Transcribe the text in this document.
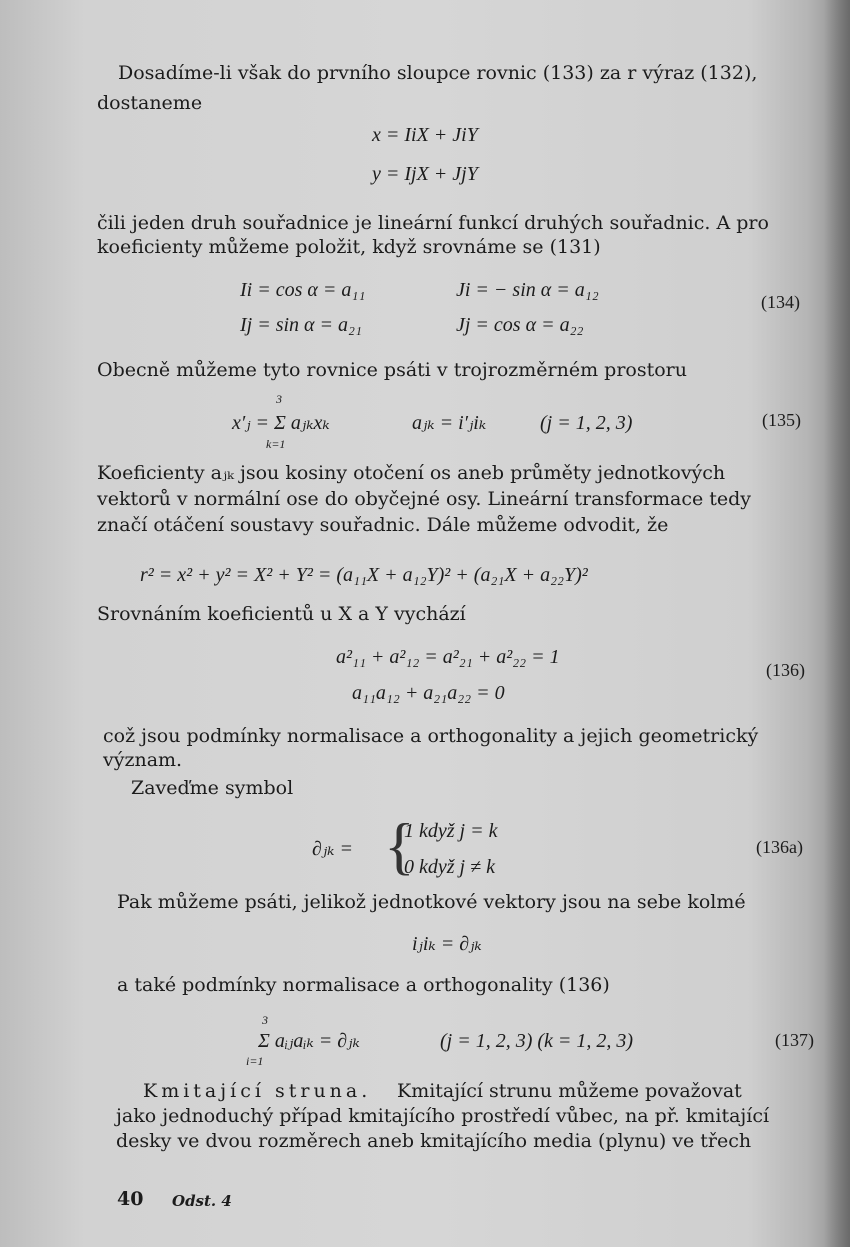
Dosadíme-li však do prvního sloupce rovnic (133) za r výraz (132),
dostaneme
x = IiX + JiY
y = IjX + JjY
čili jeden druh souřadnice je lineární funkcí druhých souřadnic. A pro
koeficienty můžeme položit, když srovnáme se (131)
Ii = cos α = a₁₁	Ji = − sin α = a₁₂
Ij = sin α = a₂₁	Jj = cos α = a₂₂
(134)
Obecně můžeme tyto rovnice psáti v trojrozměrném prostoru
3
x′ⱼ = Σ aⱼₖxₖ
k=1
aⱼₖ = i′ⱼiₖ	(j = 1, 2, 3)	(135)
Koeficienty aⱼₖ jsou kosiny otočení os aneb průměty jednotkových
vektorů v normální ose do obyčejné osy. Lineární transformace tedy
značí otáčení soustavy souřadnic. Dále můžeme odvodit, že
r² = x² + y² = X² + Y² = (a₁₁X + a₁₂Y)² + (a₂₁X + a₂₂Y)²
Srovnáním koeficientů u X a Y vychází
a²₁₁ + a²₁₂ = a²₂₁ + a²₂₂ = 1
a₁₁a₁₂ + a₂₁a₂₂ = 0
(136)
což jsou podmínky normalisace a orthogonality a jejich geometrický
význam.
Zaveďme symbol
∂ⱼₖ = {
1 když j = k
0 když j ≠ k
(136a)
Pak můžeme psáti, jelikož jednotkové vektory jsou na sebe kolmé
iⱼiₖ = ∂ⱼₖ
a také podmínky normalisace a orthogonality (136)
3
Σ aᵢⱼaᵢₖ = ∂ⱼₖ
i=1
(j = 1, 2, 3) (k = 1, 2, 3)	(137)
Kmitající struna. Kmitající strunu můžeme považovat
jako jednoduchý případ kmitajícího prostředí vůbec, na př. kmitající
desky ve dvou rozměrech aneb kmitajícího media (plynu) ve třech
40 Odst. 4
